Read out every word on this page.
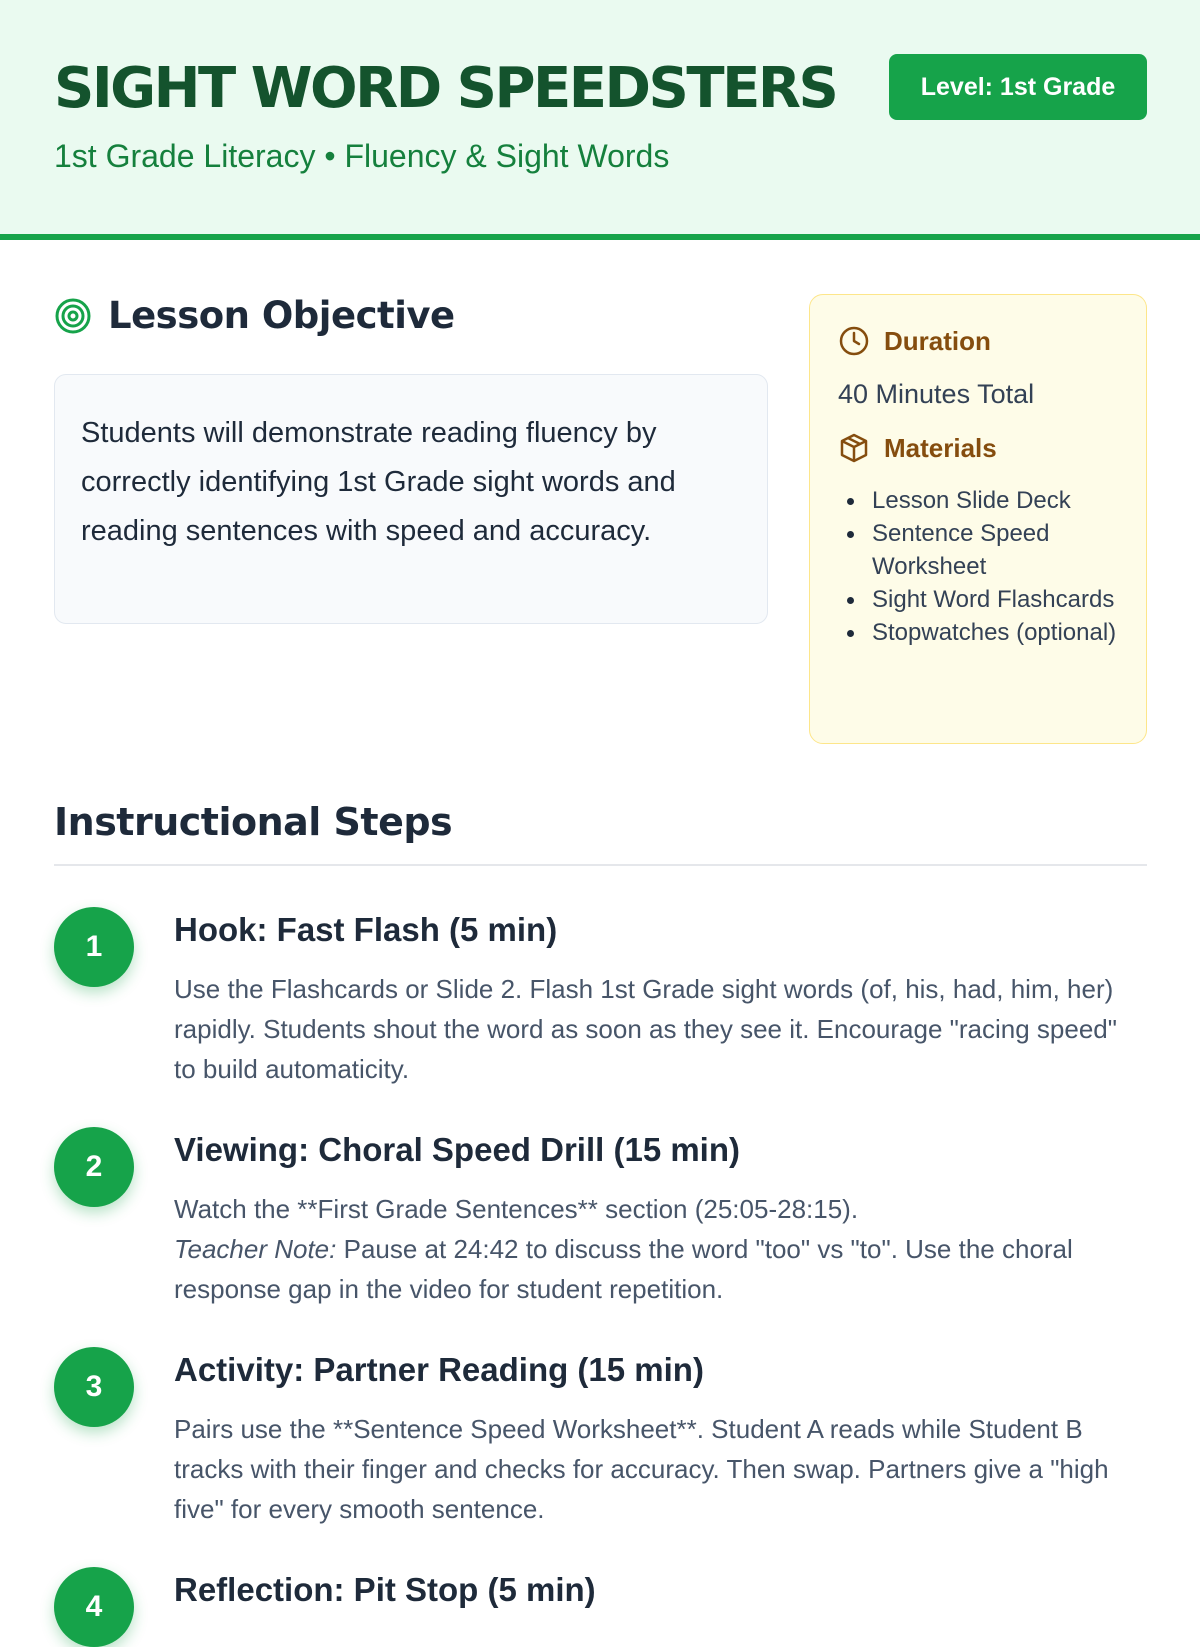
SIGHT WORD SPEEDSTERS
1st Grade Literacy • Fluency & Sight Words
Level: 1st Grade
Lesson Objective

Students will demonstrate reading fluency by correctly identifying 1st Grade sight words and reading sentences with speed and accuracy.

Duration
40 Minutes Total
Materials
Lesson Slide Deck
Sentence Speed Worksheet
Sight Word Flashcards
Stopwatches (optional)
Instructional Steps
1	Hook: Fast Flash (5 min)
Use the Flashcards or Slide 2. Flash 1st Grade sight words (of, his, had, him, her) rapidly. Students shout the word as soon as they see it. Encourage "racing speed" to build automaticity.
2	Viewing: Choral Speed Drill (15 min)
Watch the **First Grade Sentences** section (25:05-28:15).
Teacher Note: Pause at 24:42 to discuss the word "too" vs "to". Use the choral response gap in the video for student repetition.
3	Activity: Partner Reading (15 min)
Pairs use the **Sentence Speed Worksheet**. Student A reads while Student B tracks with their finger and checks for accuracy. Then swap. Partners give a "high five" for every smooth sentence.
4	Reflection: Pit Stop (5 min)
